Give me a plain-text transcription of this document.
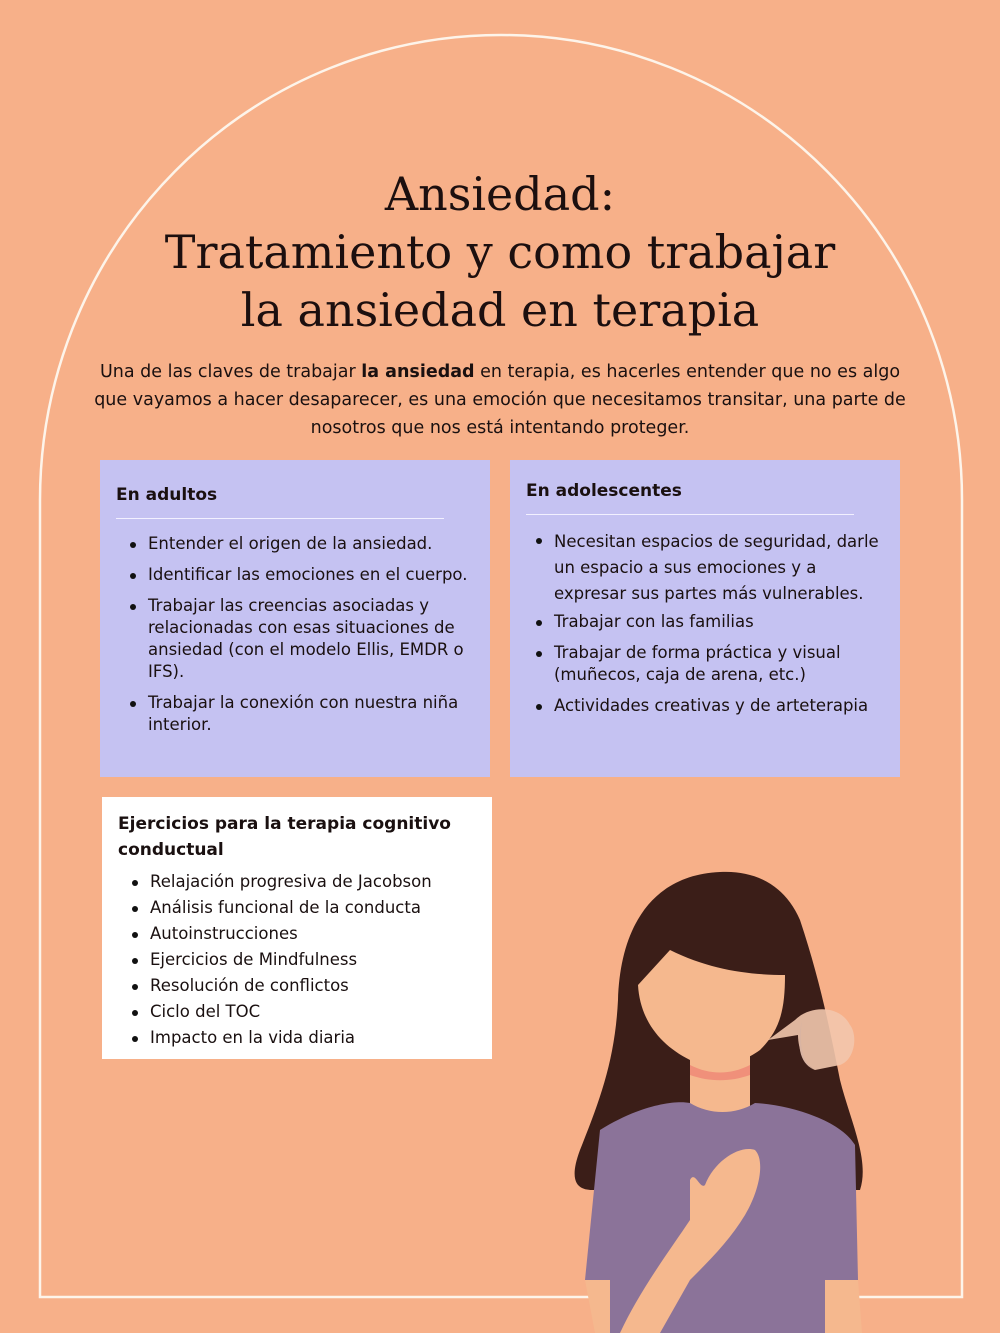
Ansiedad:
Tratamiento y como trabajar
la ansiedad en terapia

Una de las claves de trabajar la ansiedad en terapia, es hacerles entender que no es algo que vayamos a hacer desaparecer, es una emoción que necesitamos transitar, una parte de nosotros que nos está intentando proteger.

En adultos
Entender el origen de la ansiedad.
Identificar las emociones en el cuerpo.
Trabajar las creencias asociadas y relacionadas con esas situaciones de ansiedad (con el modelo Ellis, EMDR o IFS).
Trabajar la conexión con nuestra niña interior.
En adolescentes
Necesitan espacios de seguridad, darle un espacio a sus emociones y a expresar sus partes más vulnerables.
Trabajar con las familias
Trabajar de forma práctica y visual (muñecos, caja de arena, etc.)
Actividades creativas y de arteterapia
Ejercicios para la terapia cognitivo conductual
Relajación progresiva de Jacobson
Análisis funcional de la conducta
Autoinstrucciones
Ejercicios de Mindfulness
Resolución de conflictos
Ciclo del TOC
Impacto en la vida diaria
